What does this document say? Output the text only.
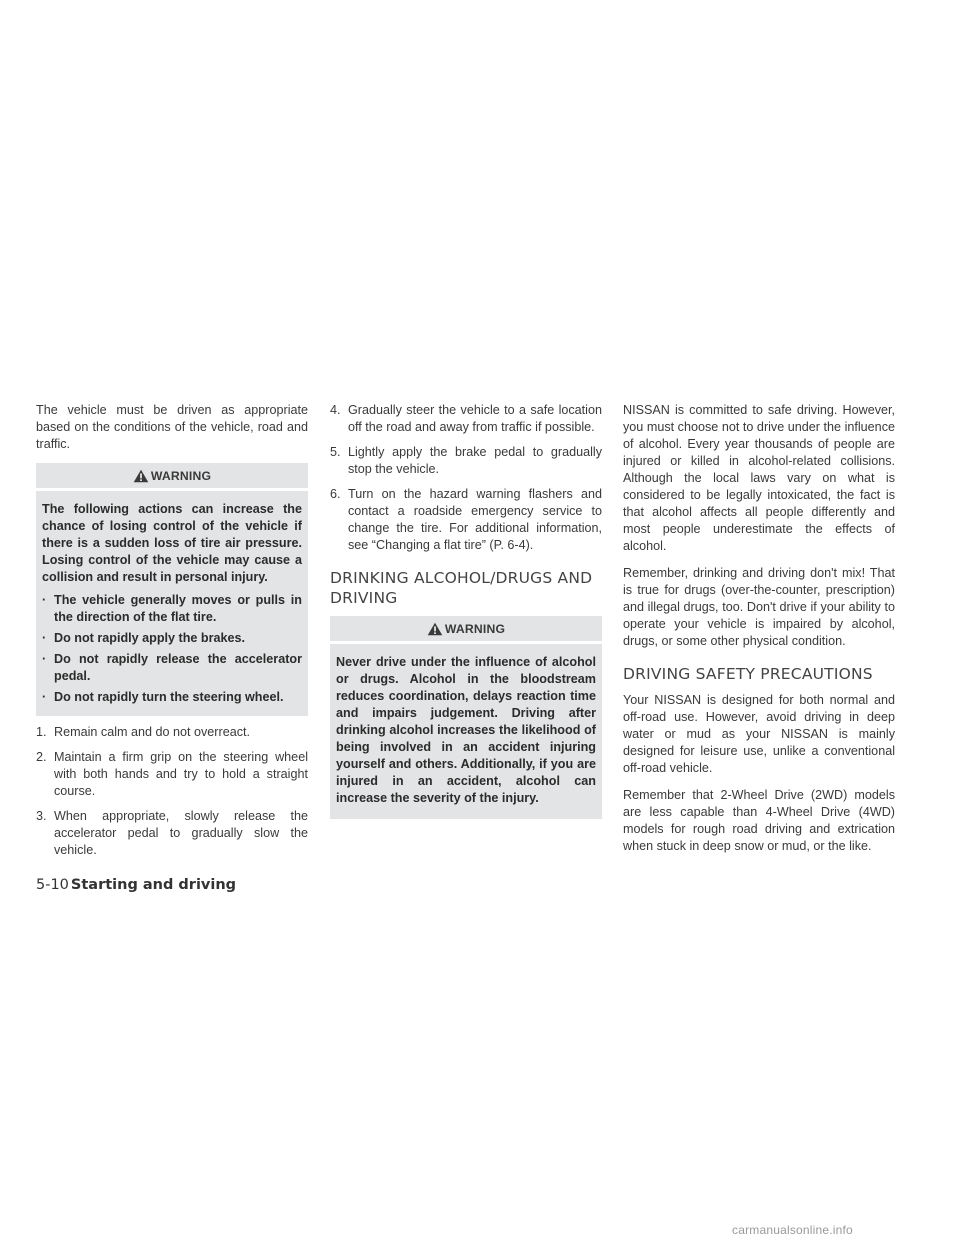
The vehicle must be driven as appropriate based on the conditions of the vehicle, road and traffic.

WARNING

The following actions can increase the chance of losing control of the vehicle if there is a sudden loss of tire air pressure. Losing control of the vehicle may cause a collision and result in personal injury.

· The vehicle generally moves or pulls in the direction of the flat tire.
· Do not rapidly apply the brakes.
· Do not rapidly release the accelerator pedal.
· Do not rapidly turn the steering wheel.
1. Remain calm and do not overreact.
2. Maintain a firm grip on the steering wheel with both hands and try to hold a straight course.
3. When appropriate, slowly release the accelerator pedal to gradually slow the vehicle.
4. Gradually steer the vehicle to a safe location off the road and away from traffic if possible.
5. Lightly apply the brake pedal to gradually stop the vehicle.
6. Turn on the hazard warning flashers and contact a roadside emergency service to change the tire. For additional information, see “Changing a flat tire” (P. 6-4).
DRINKING ALCOHOL/DRUGS AND DRIVING
WARNING

Never drive under the influence of alcohol or drugs. Alcohol in the bloodstream reduces coordination, delays reaction time and impairs judgement. Driving after drinking alcohol increases the likelihood of being involved in an accident injuring yourself and others. Additionally, if you are injured in an accident, alcohol can increase the severity of the injury.

NISSAN is committed to safe driving. However, you must choose not to drive under the influence of alcohol. Every year thousands of people are injured or killed in alcohol-related collisions. Although the local laws vary on what is considered to be legally intoxicated, the fact is that alcohol affects all people differently and most people underestimate the effects of alcohol.

Remember, drinking and driving don't mix! That is true for drugs (over-the-counter, prescription) and illegal drugs, too. Don't drive if your ability to operate your vehicle is impaired by alcohol, drugs, or some other physical condition.

DRIVING SAFETY PRECAUTIONS

Your NISSAN is designed for both normal and off-road use. However, avoid driving in deep water or mud as your NISSAN is mainly designed for leisure use, unlike a conventional off-road vehicle.

Remember that 2-Wheel Drive (2WD) models are less capable than 4-Wheel Drive (4WD) models for rough road driving and extrication when stuck in deep snow or mud, or the like.

5-10 Starting and driving
carmanualsonline.info
